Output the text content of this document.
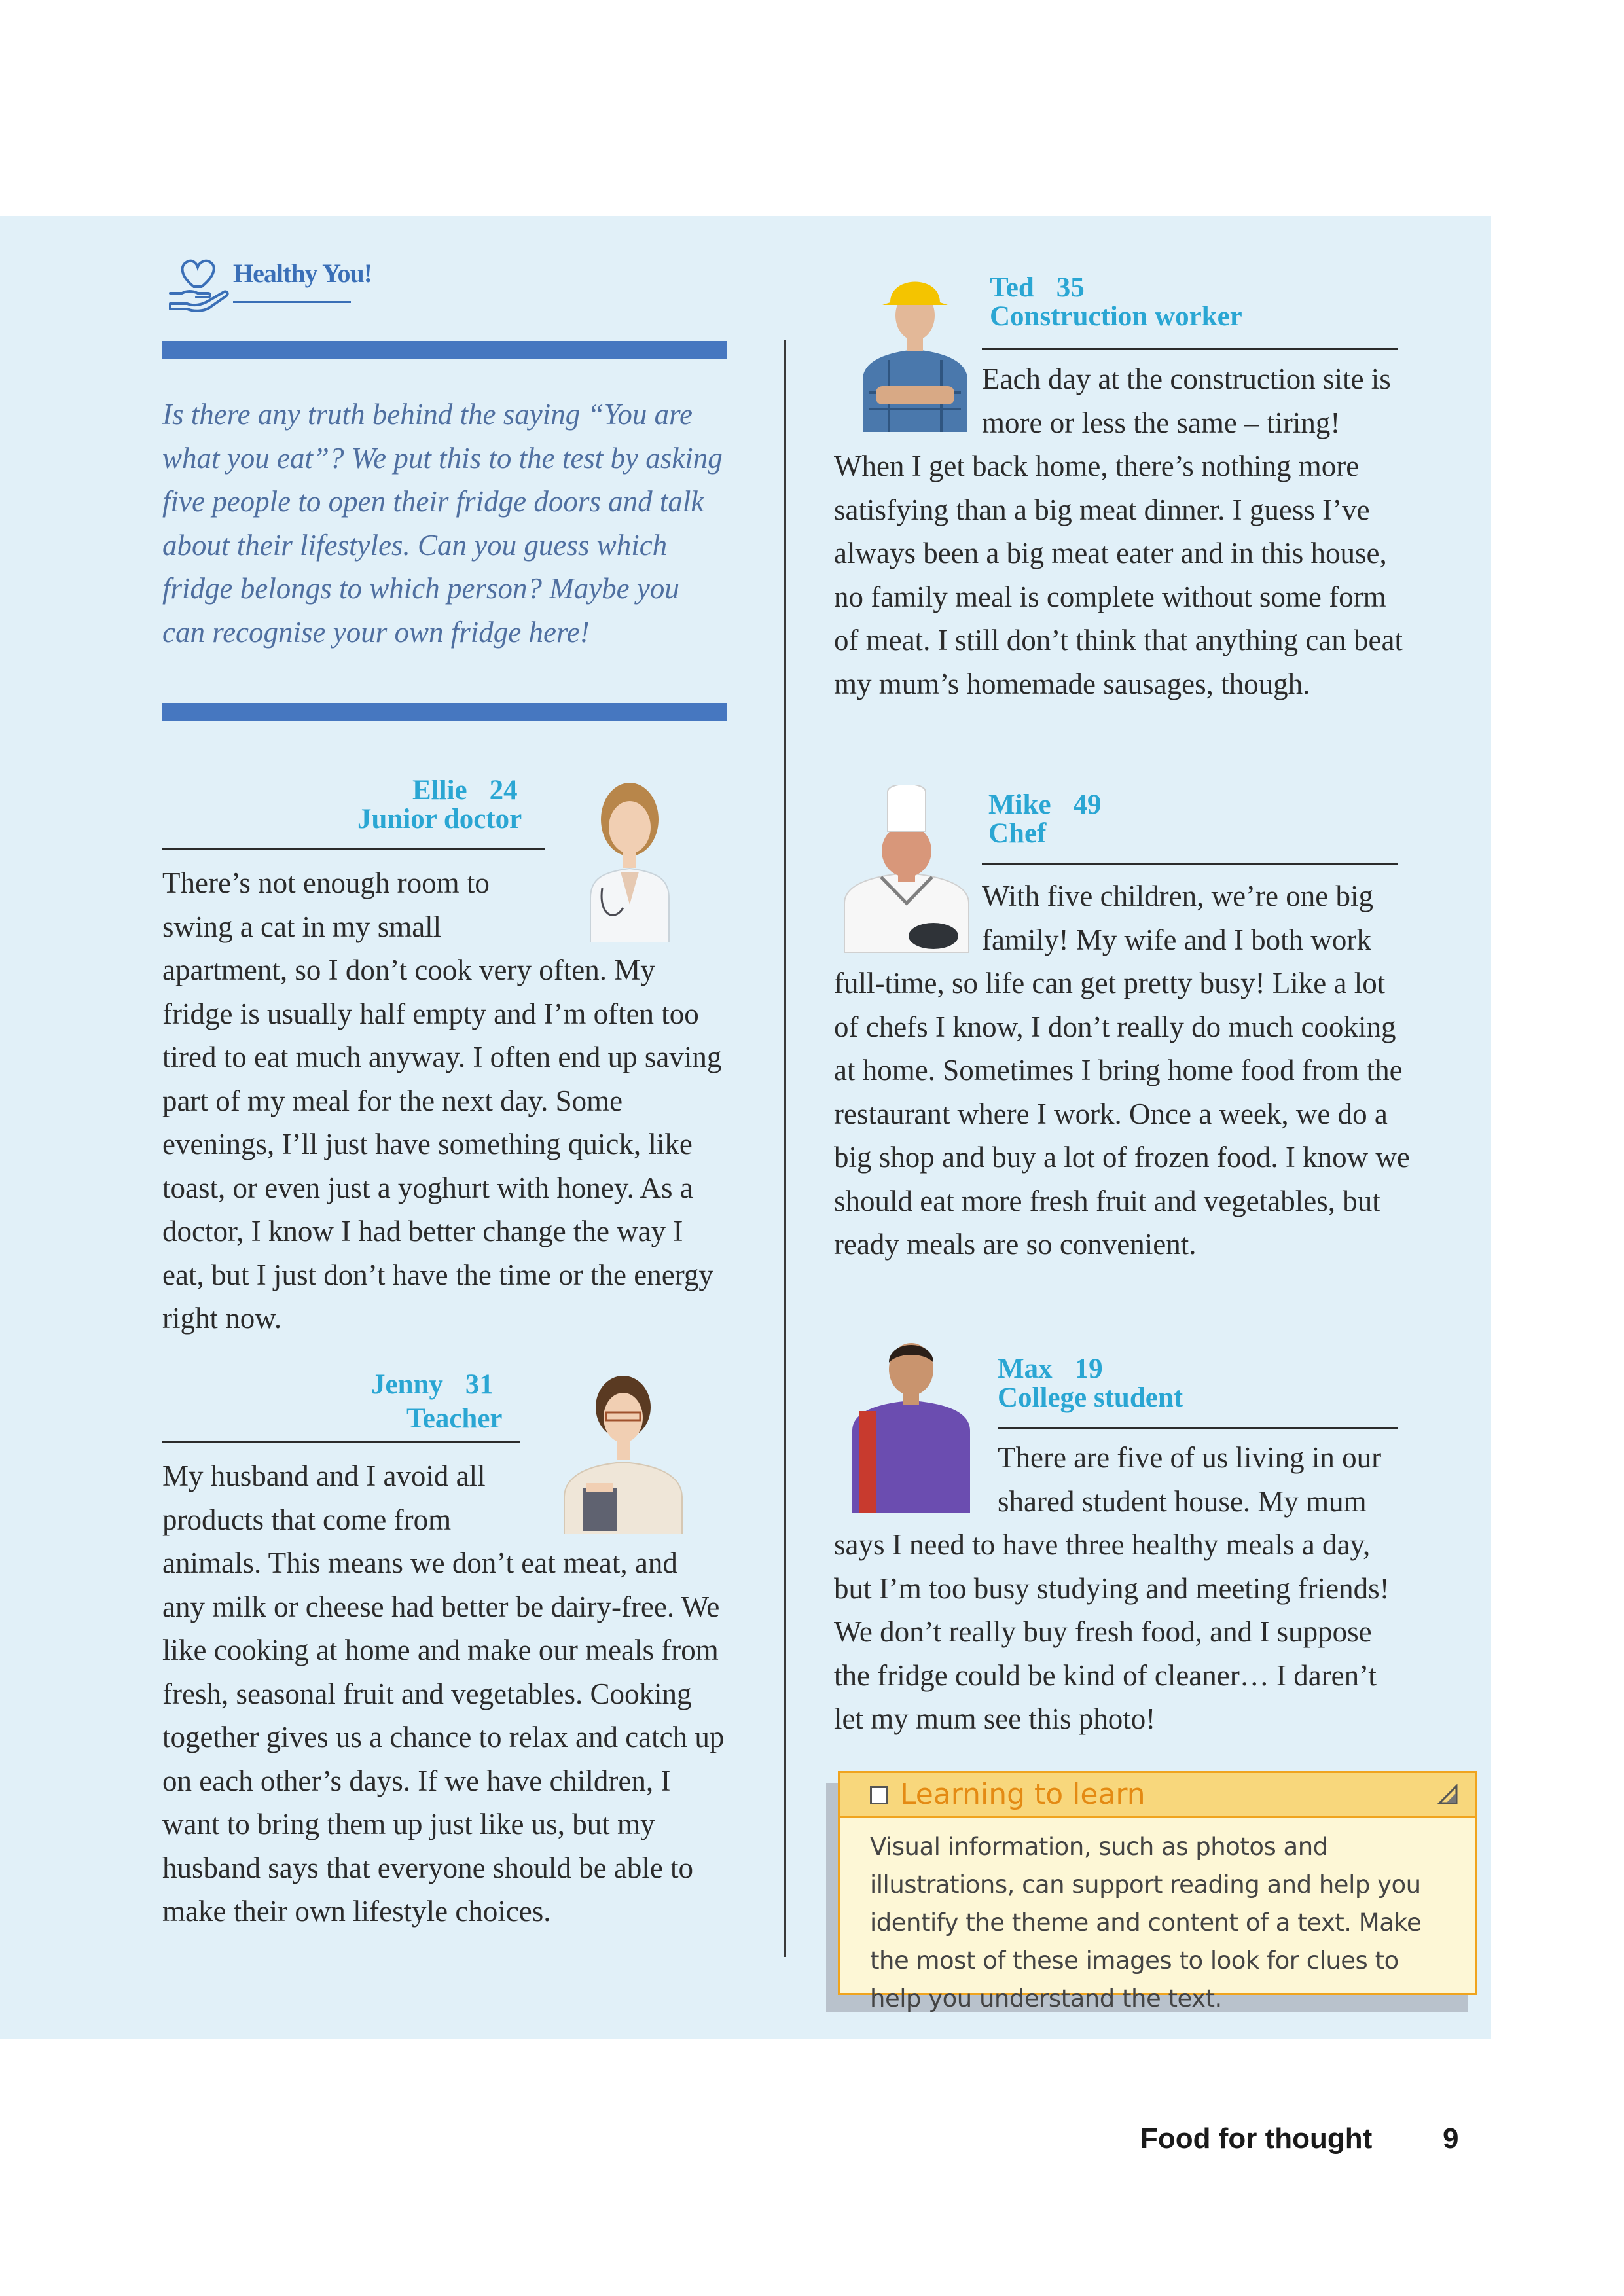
Healthy You!

Is there any truth behind the saying “You are what you eat”? We put this to the test by asking five people to open their fridge doors and talk about their lifestyles. Can you guess which fridge belongs to which person? Maybe you can recognise your own fridge here!

Ellie 24
Junior doctor
There’s not enough room to swing a cat in my small apartment, so I don’t cook very often. My fridge is usually half empty and I’m often too tired to eat much anyway. I often end up saving part of my meal for the next day. Some evenings, I’ll just have something quick, like toast, or even just a yoghurt with honey. As a doctor, I know I had better change the way I eat, but I just don’t have the time or the energy right now.
Jenny 31
Teacher
My husband and I avoid all products that come from animals. This means we don’t eat meat, and any milk or cheese had better be dairy-free. We like cooking at home and make our meals from fresh, seasonal fruit and vegetables. Cooking together gives us a chance to relax and catch up on each other’s days. If we have children, I want to bring them up just like us, but my husband says that everyone should be able to make their own lifestyle choices.
Ted 35
Construction worker
Each day at the construction site is more or less the same – tiring! When I get back home, there’s nothing more satisfying than a big meat dinner. I guess I’ve always been a big meat eater and in this house, no family meal is complete without some form of meat. I still don’t think that anything can beat my mum’s homemade sausages, though.
Mike 49
Chef
With five children, we’re one big family! My wife and I both work full-time, so life can get pretty busy! Like a lot of chefs I know, I don’t really do much cooking at home. Sometimes I bring home food from the restaurant where I work. Once a week, we do a big shop and buy a lot of frozen food. I know we should eat more fresh fruit and vegetables, but ready meals are so convenient.
Max 19
College student
There are five of us living in our shared student house. My mum says I need to have three healthy meals a day, but I’m too busy studying and meeting friends! We don’t really buy fresh food, and I suppose the fridge could be kind of cleaner… I daren’t let my mum see this photo!
Learning to learn

Visual information, such as photos and illustrations, can support reading and help you identify the theme and content of a text. Make the most of these images to look for clues to help you understand the text.

Food for thought 9
